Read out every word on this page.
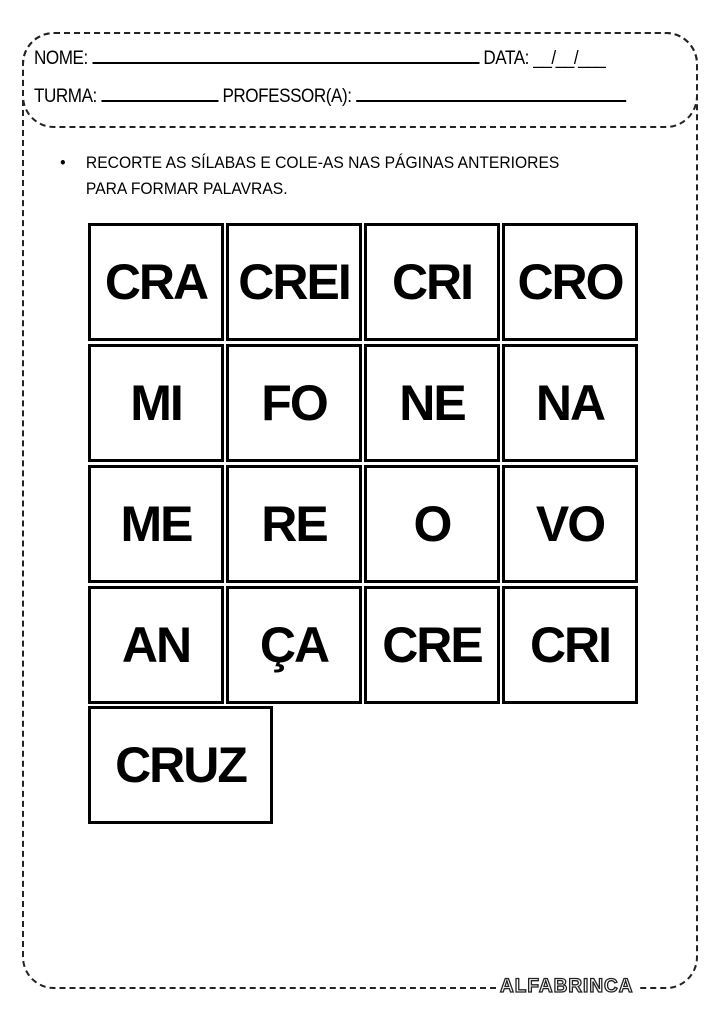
NOME:	DATA: __/__/___
TURMA:	PROFESSOR(A):
•	RECORTE AS SÍLABAS E COLE-AS NAS PÁGINAS ANTERIORES
PARA FORMAR PALAVRAS.
CRA CREI CRI CRO
MI	FO	NE	NA
ME	RE	O	VO
AN	ÇA	CRE CRI
CRUZ
ALFABRINCA
